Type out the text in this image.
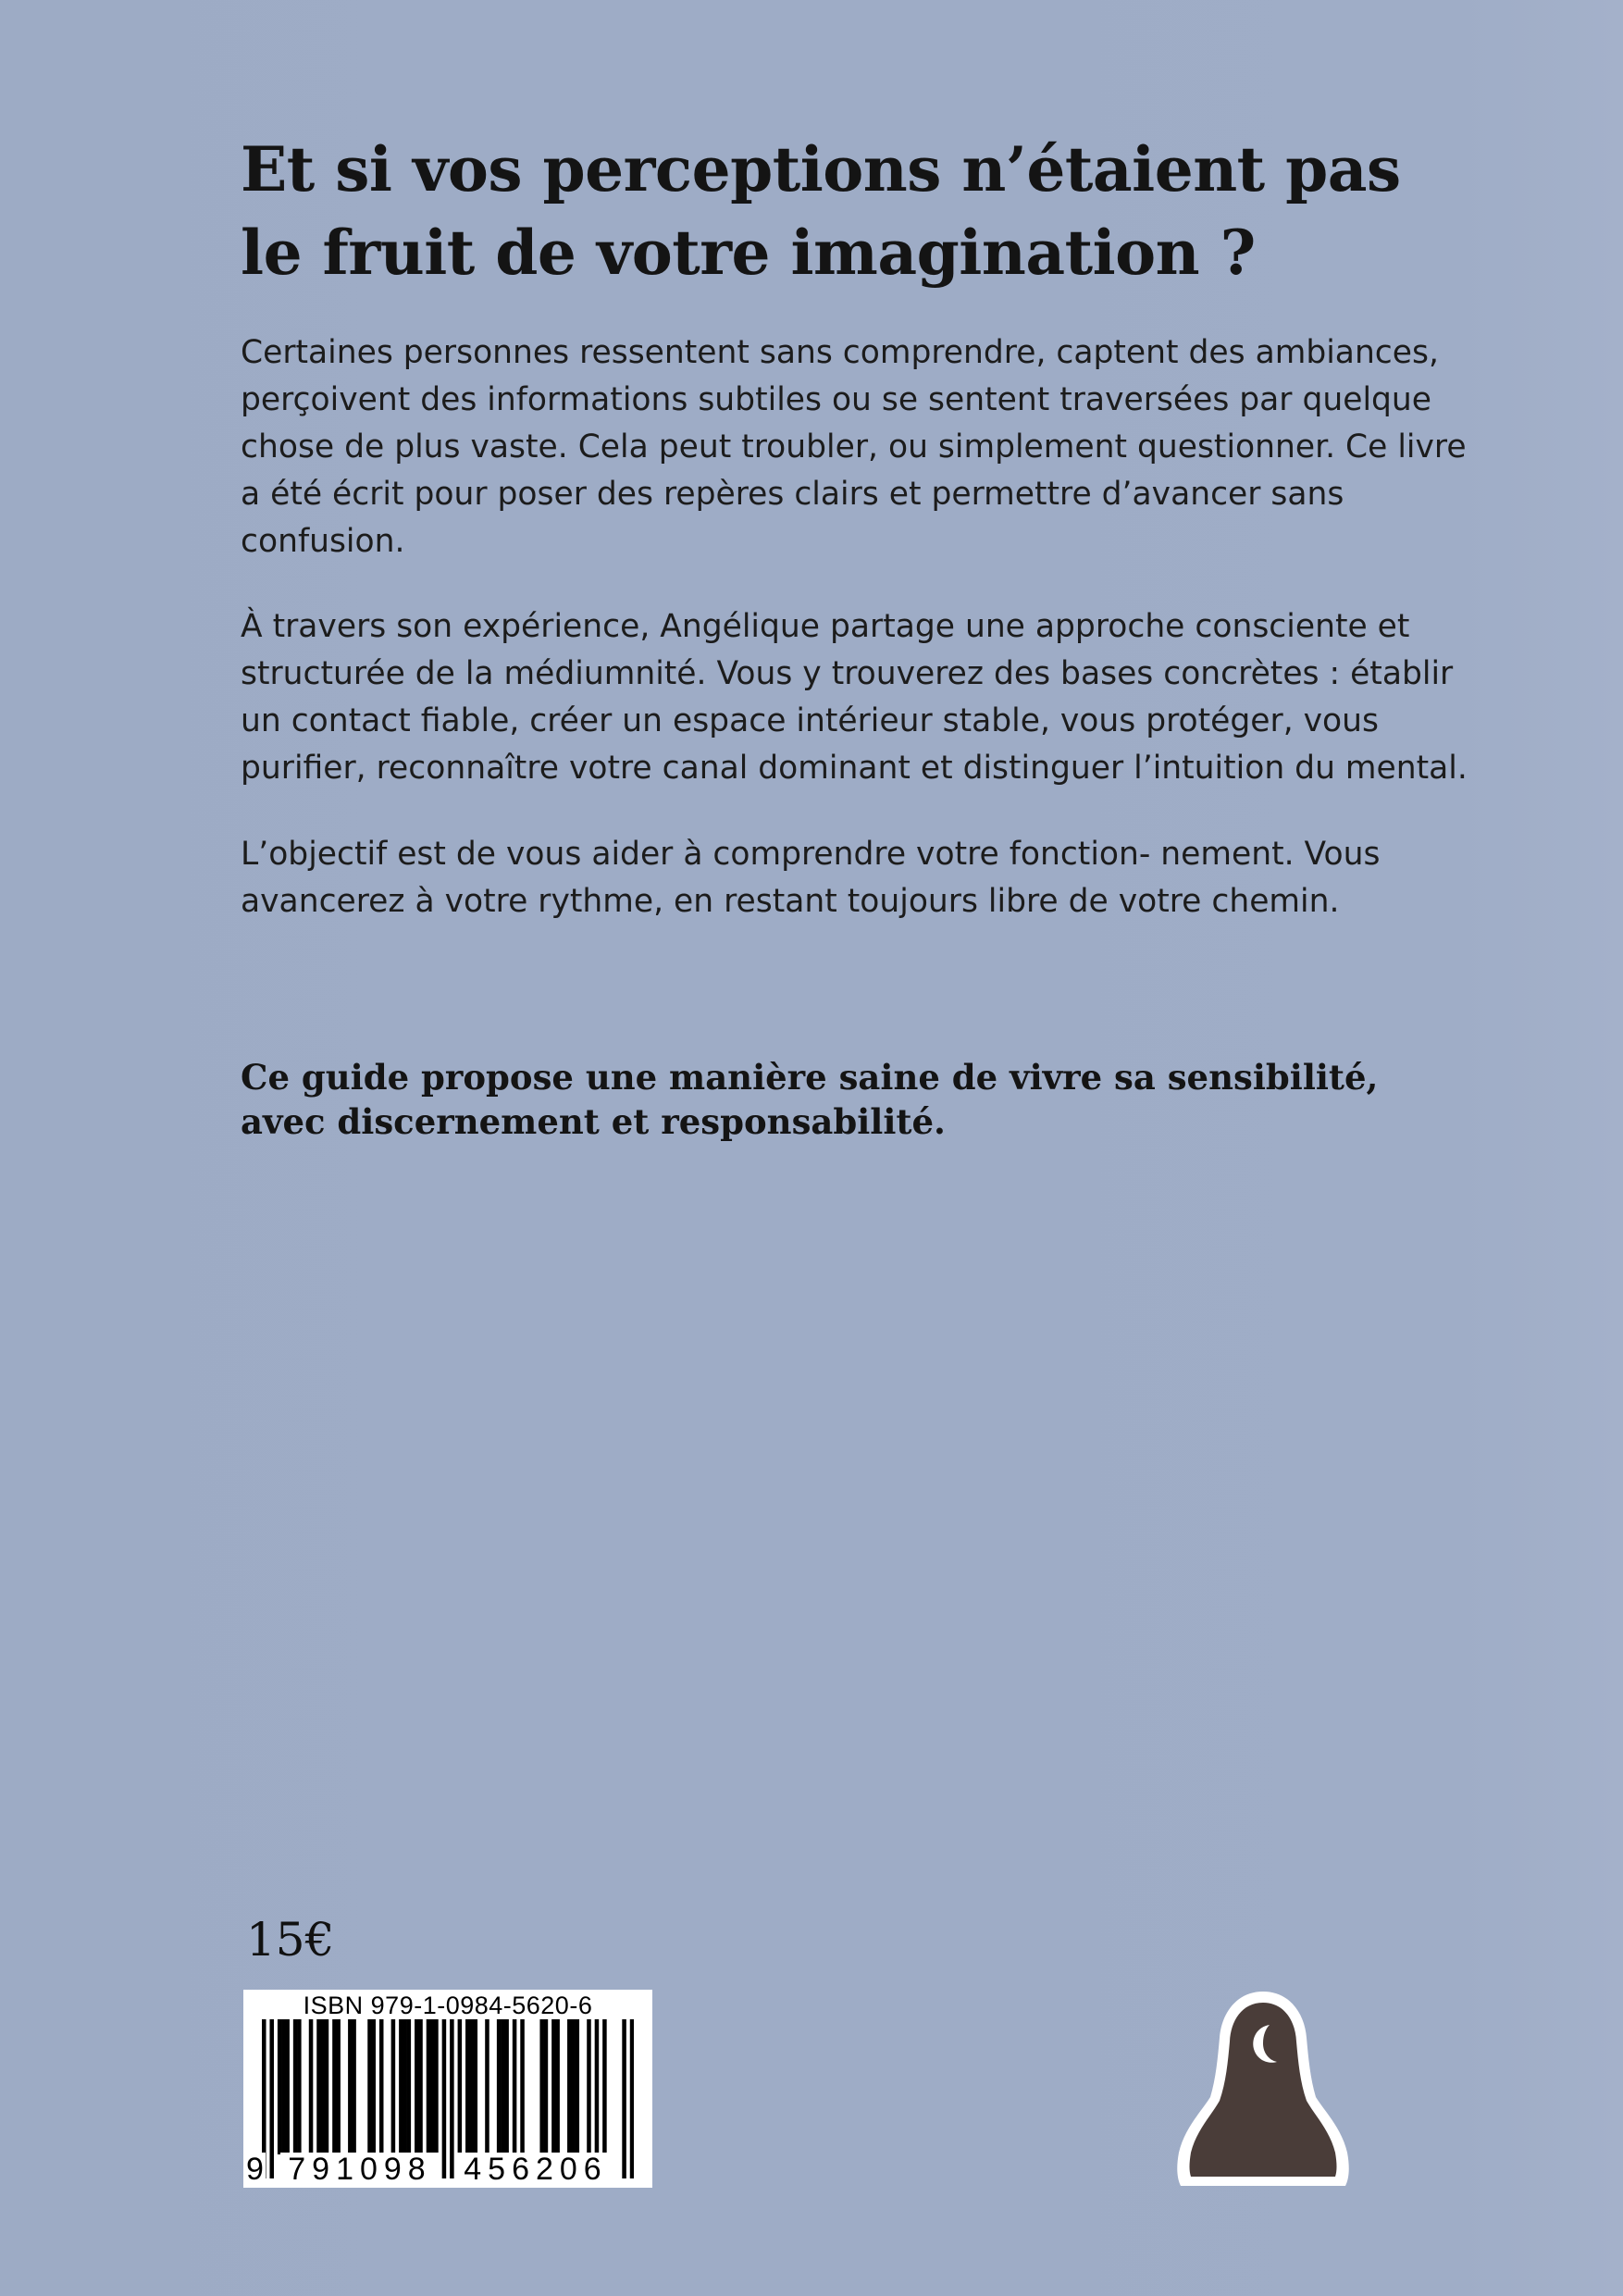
Et si vos perceptions n’étaient pas
le fruit de votre imagination ?
Certaines personnes ressentent sans comprendre, captent des ambiances,
perçoivent des informations subtiles ou se sentent traversées par quelque
chose de plus vaste. Cela peut troubler, ou simplement questionner. Ce livre
a été écrit pour poser des repères clairs et permettre d’avancer sans
confusion.
À travers son expérience, Angélique partage une approche consciente et
structurée de la médiumnité. Vous y trouverez des bases concrètes : établir
un contact fiable, créer un espace intérieur stable, vous protéger, vous
purifier, reconnaître votre canal dominant et distinguer l’intuition du mental.
L’objectif est de vous aider à comprendre votre fonction- nement. Vous
avancerez à votre rythme, en restant toujours libre de votre chemin.
Ce guide propose une manière saine de vivre sa sensibilité,
avec discernement et responsabilité.
15€
ISBN 979-1-0984-5620-6
9 791098 456206
